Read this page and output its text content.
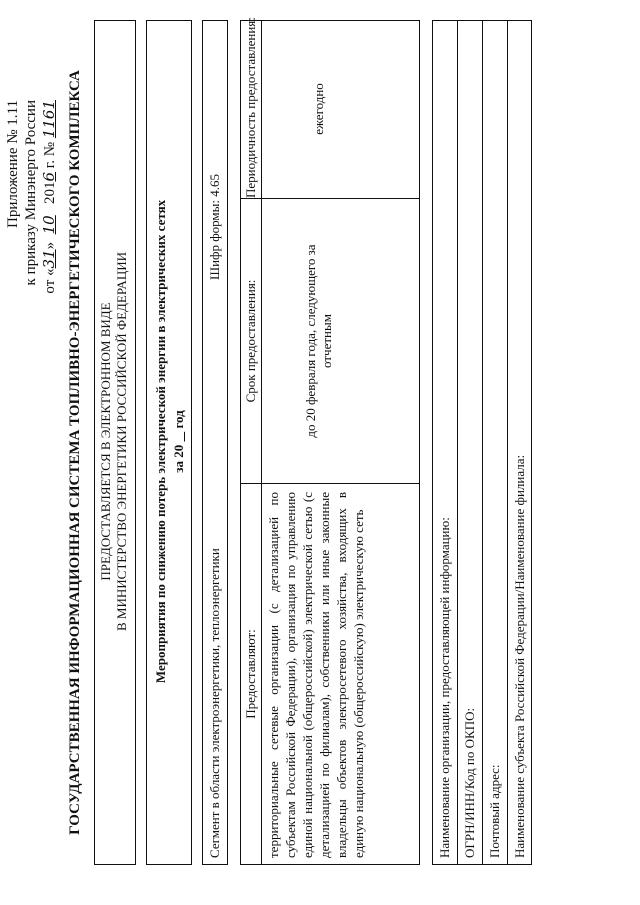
Приложение № 1.11 к приказу Минэнерго России от «31»  10   2016 г. № 1161 ГОСУДАРСТВЕННАЯ ИНФОРМАЦИОННАЯ СИСТЕМА ТОПЛИВНО-ЭНЕРГЕТИЧЕСКОГО КОМПЛЕКСА ПРЕДОСТАВЛЯЕТСЯ В ЭЛЕКТРОННОМ ВИДЕ В МИНИСТЕРСТВО ЭНЕРГЕТИКИ РОССИЙСКОЙ ФЕДЕРАЦИИ Мероприятия по снижению потерь электрической энергии в электрических сетях за 20     год
Сегмент в области электроэнергетики, теплоэнергетики
Шифр формы: 4.65
Предоставляют:
Срок предоставления:
Периодичность предоставления:
территориальные сетевые организации (с детализацией по субъектам Российской Федерации), организация по управлению единой национальной (общероссийской) электрической сетью (с детализацией по филиалам), собственники или иные законные владельцы объектов электросетевого хозяйства, входящих в единую национальную (общероссийскую) электрическую сеть
до 20 февраля года, следующего за отчетным
ежегодно
Наименование организации, предоставляющей информацию: ОГРН/ИНН/Код по ОКПО: Почтовый адрес: Наименование субъекта Российской Федерации/Наименование филиала:
